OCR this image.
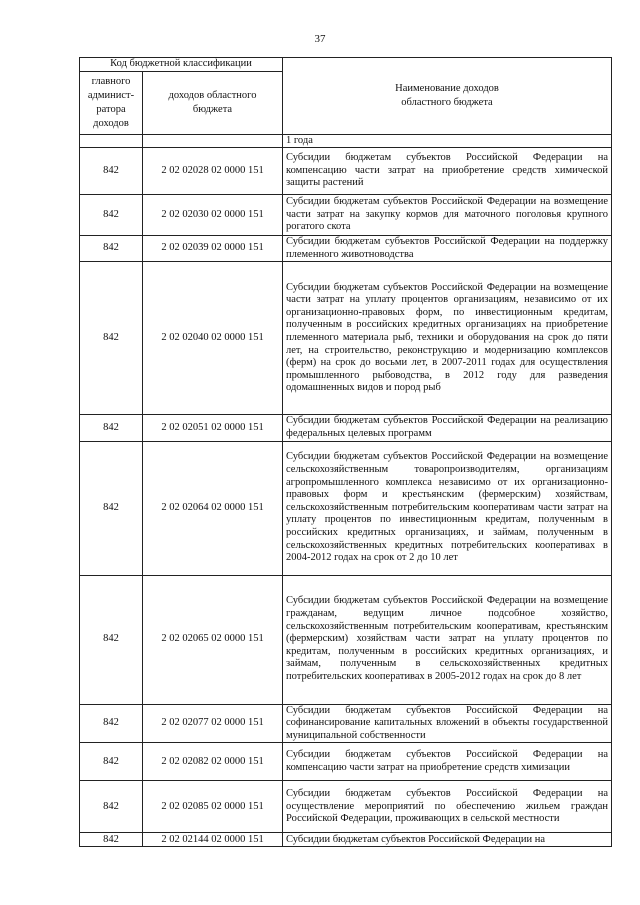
37
Код бюджетной классификации		Наименование доходов областного бюджета

главного админист-ратора доходов	доходов областного бюджета	

		1 года
842	2 02 02028 02 0000 151	Субсидии бюджетам субъектов Российской Федерации на компенсацию части затрат на приобретение средств химической защиты растений
842	2 02 02030 02 0000 151	Субсидии бюджетам субъектов Российской Федерации на возмещение части затрат на закупку кормов для маточного поголовья крупного рогатого скота
842	2 02 02039 02 0000 151	Субсидии бюджетам субъектов Российской Федерации на поддержку племенного животноводства
842	2 02 02040 02 0000 151	Субсидии бюджетам субъектов Российской Федерации на возмещение части затрат на уплату процентов организациям, независимо от их организационно-правовых форм, по инвестиционным кредитам, полученным в российских кредитных организациях на приобретение племенного материала рыб, техники и оборудования на срок до пяти лет, на строительство, реконструкцию и модернизацию комплексов (ферм) на срок до восьми лет, в 2007-2011 годах для осуществления промышленного рыбоводства, в 2012 году для разведения одомашненных видов и пород рыб
842	2 02 02051 02 0000 151	Субсидии бюджетам субъектов Российской Федерации на реализацию федеральных целевых программ
842	2 02 02064 02 0000 151	Субсидии бюджетам субъектов Российской Федерации на возмещение сельскохозяйственным товаропроизводителям, организациям агропромышленного комплекса независимо от их организационно-правовых форм и крестьянским (фермерским) хозяйствам, сельскохозяйственным потребительским кооперативам части затрат на уплату процентов по инвестиционным кредитам, полученным в российских кредитных организациях, и займам, полученным в сельскохозяйственных кредитных потребительских кооперативах в 2004-2012 годах на срок от 2 до 10 лет
842	2 02 02065 02 0000 151	Субсидии бюджетам субъектов Российской Федерации на возмещение гражданам, ведущим личное подсобное хозяйство, сельскохозяйственным потребительским кооперативам, крестьянским (фермерским) хозяйствам части затрат на уплату процентов по кредитам, полученным в российских кредитных организациях, и займам, полученным в сельскохозяйственных кредитных потребительских кооперативах в 2005-2012 годах на срок до 8 лет
842	2 02 02077 02 0000 151	Субсидии бюджетам субъектов Российской Федерации на софинансирование капитальных вложений в объекты государственной муниципальной собственности
842	2 02 02082 02 0000 151	Субсидии бюджетам субъектов Российской Федерации на компенсацию части затрат на приобретение средств химизации
842	2 02 02085 02 0000 151	Субсидии бюджетам субъектов Российской Федерации на осуществление мероприятий по обеспечению жильем граждан Российской Федерации, проживающих в сельской местности
842	2 02 02144 02 0000 151	Субсидии бюджетам субъектов Российской Федерации на
